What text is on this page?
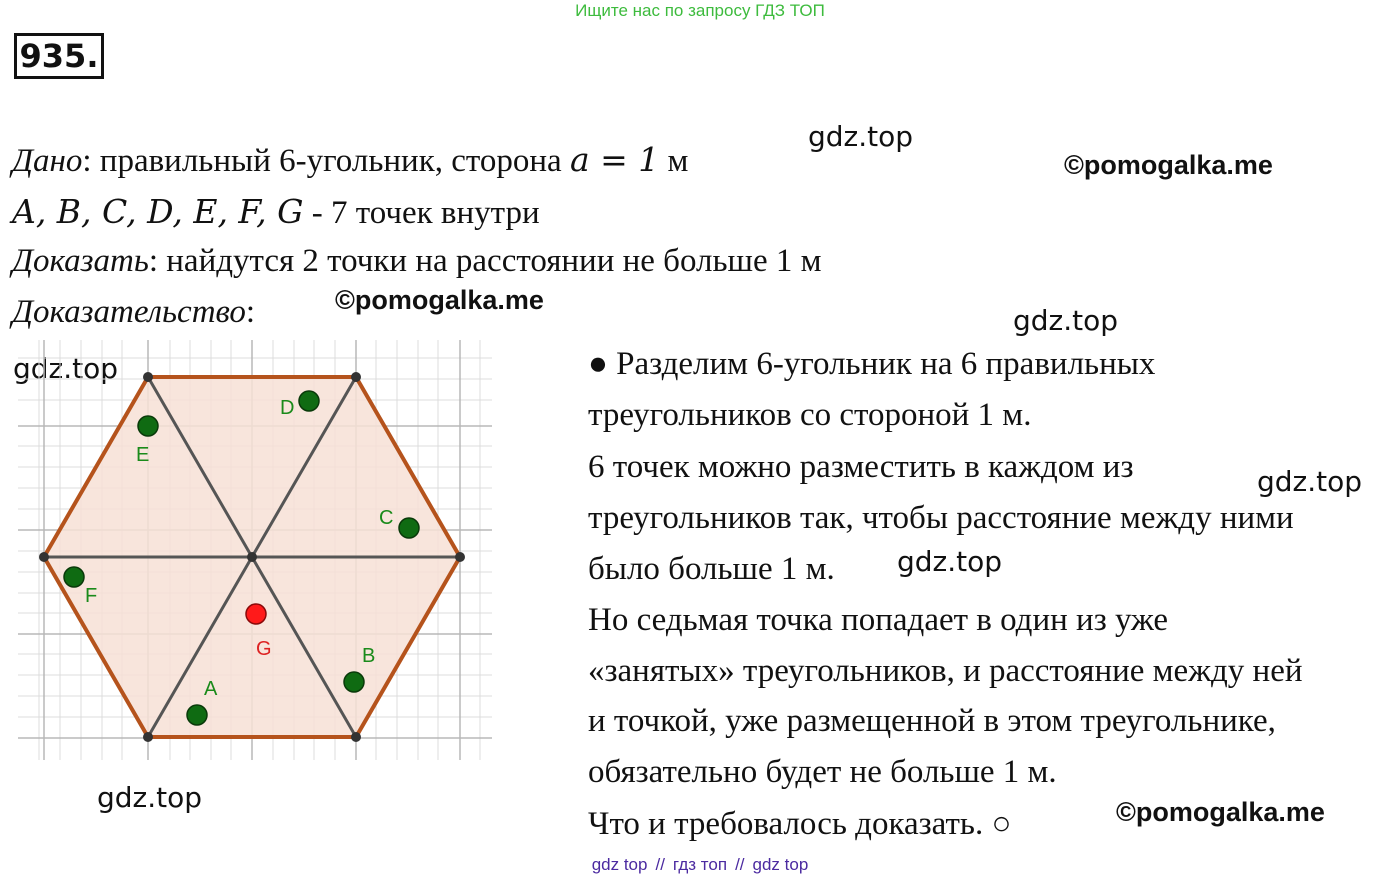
Ищите нас по запросу ГДЗ ТОП
935.
Дано: правильный 6-угольник, сторона a = 1 м
A, B, C, D, E, F, G - 7 точек внутри
Доказать: найдутся 2 точки на расстоянии не больше 1 м
Доказательство:
gdz.top
©pomogalka.me
©pomogalka.me
gdz.top
gdz.top
gdz.top
gdz.top
gdz.top	©pomogalka.me
D
E
C
F
G	B
A
● Разделим 6-угольник на 6 правильных
треугольников со стороной 1 м.
6 точек можно разместить в каждом из
треугольников так, чтобы расстояние между ними
было больше 1 м.
Но седьмая точка попадает в один из уже
«занятых» треугольников, и расстояние между ней
и точкой, уже размещенной в этом треугольнике,
обязательно будет не больше 1 м.
Что и требовалось доказать. ○
gdz top // гдз топ // gdz top
